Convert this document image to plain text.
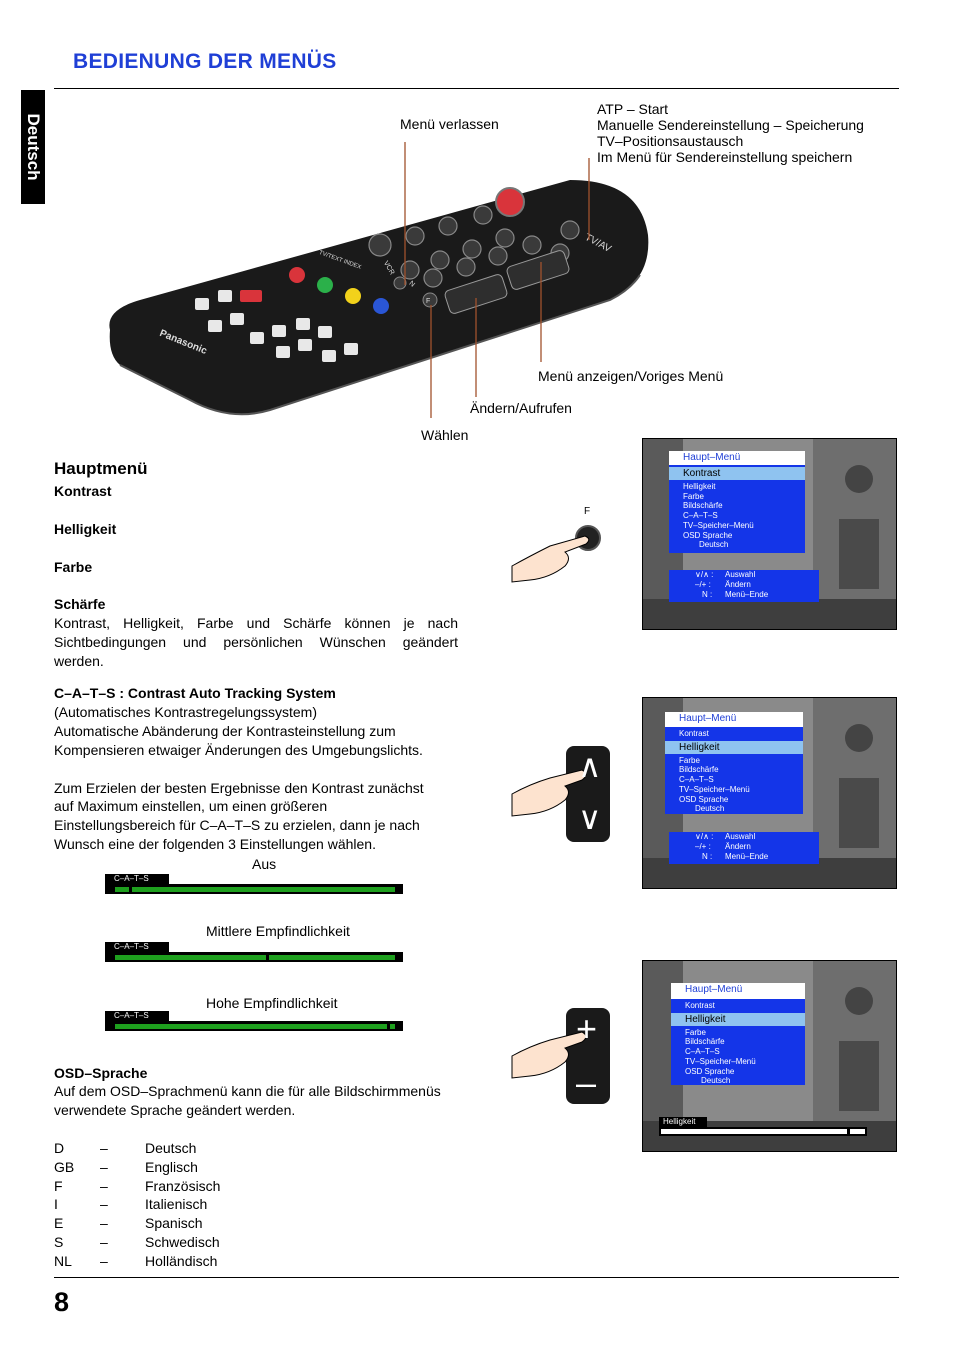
BEDIENUNG DER MENÜS
Deutsch
Panasonic
TV/AV
TV/TEXT INDEX	VCR
N
F
Menü verlassen
ATP – Start
Manuelle Sendereinstellung – Speicherung
TV–Positionsaustausch
Im Menü für Sendereinstellung speichern
Menü anzeigen/Voriges Menü
Ändern/Aufrufen
Wählen
Hauptmenü
Kontrast
Helligkeit
Farbe
Schärfe
Kontrast, Helligkeit, Farbe und Schärfe können je nach Sichtbedingungen und persönlichen Wünschen geändert werden.
C–A–T–S : Contrast Auto Tracking System
(Automatisches Kontrastregelungssystem)
Automatische Abänderung der Kontrasteinstellung zum
Kompensieren etwaiger Änderungen des Umgebungslichts.
Zum Erzielen der besten Ergebnisse den Kontrast zunächst
auf Maximum einstellen, um einen größeren
Einstellungsbereich für C–A–T–S zu erzielen, dann je nach
Wunsch eine der folgenden 3 Einstellungen wählen.
Aus
C–A–T–S
Mittlere Empfindlichkeit
C–A–T–S
Hohe Empfindlichkeit
C–A–T–S
OSD–Sprache
Auf dem OSD–Sprachmenü kann die für alle Bildschirmmenüs
verwendete Sprache geändert werden.
D	–	Deutsch
GB –	Englisch
F	–	Französisch
I	–	Italienisch
E	–	Spanisch
S	–	Schwedisch
NL –	Holländisch
F
∧
∨
+
–
Haupt–Menü
Kontrast
Helligkeit
Farbe
Bildschärfe
C–A–T–S
TV–Speicher–Menü
OSD Sprache
Deutsch
∨/∧ : Auswahl
–/+ : Ändern
N : Menü–Ende
Haupt–Menü
Kontrast
Helligkeit
Farbe
Bildschärfe
C–A–T–S
TV–Speicher–Menü
OSD Sprache
Deutsch
∨/∧ : Auswahl
–/+ : Ändern
N : Menü–Ende
Haupt–Menü
Kontrast
Helligkeit
Farbe
Bildschärfe
C–A–T–S
TV–Speicher–Menü
OSD Sprache
Deutsch
Helligkeit
8
